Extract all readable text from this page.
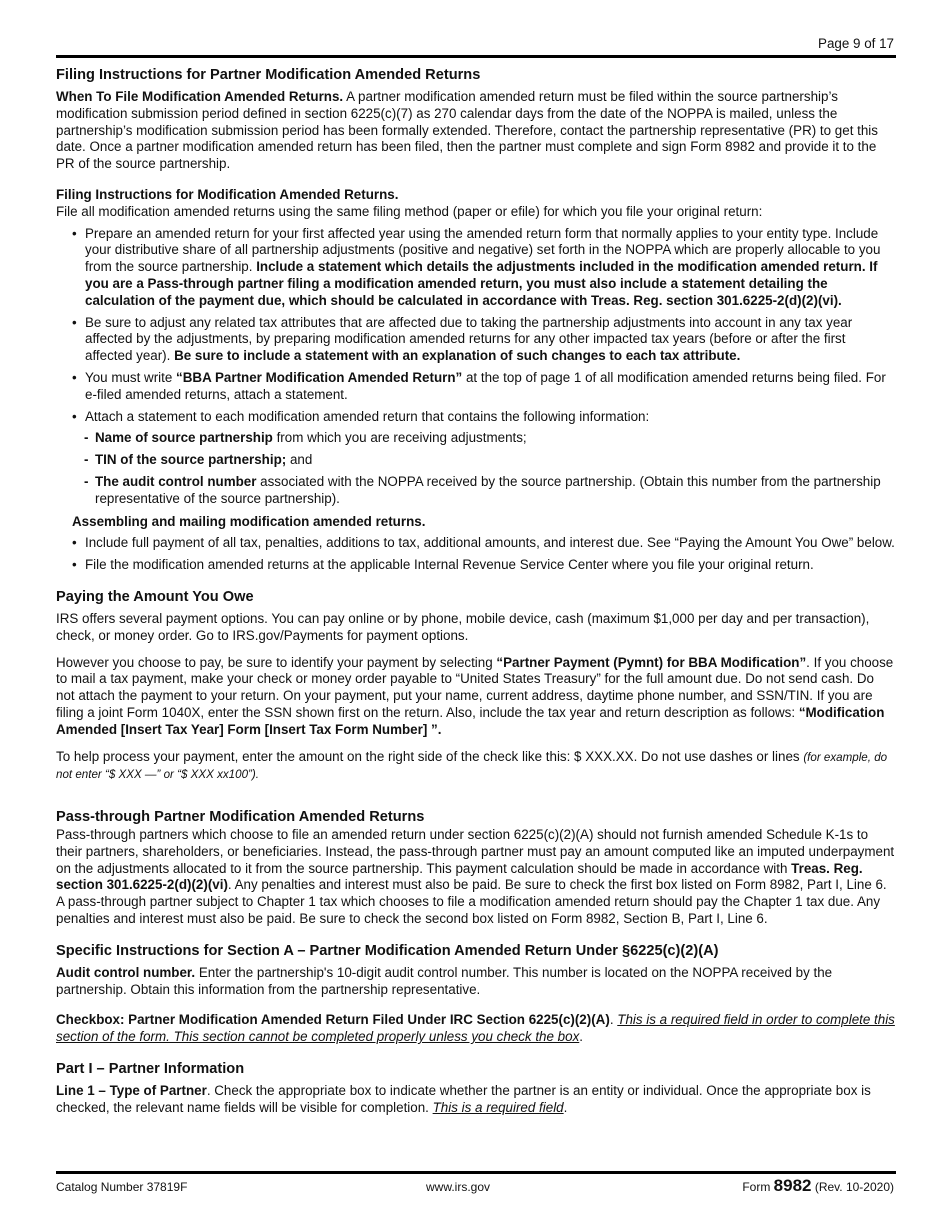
Page 9 of 17
Filing Instructions for Partner Modification Amended Returns

When To File Modification Amended Returns. A partner modification amended return must be filed within the source partnership’s modification submission period defined in section 6225(c)(7) as 270 calendar days from the date of the NOPPA is mailed, unless the partnership’s modification submission period has been formally extended. Therefore, contact the partnership representative (PR) to get this date. Once a partner modification amended return has been filed, then the partner must complete and sign Form 8982 and provide it to the PR of the source partnership.

Filing Instructions for Modification Amended Returns.

File all modification amended returns using the same filing method (paper or efile) for which you file your original return:

• Prepare an amended return for your first affected year using the amended return form that normally applies to your entity type. Include your distributive share of all partnership adjustments (positive and negative) set forth in the NOPPA which are properly allocable to you from the source partnership. Include a statement which details the adjustments included in the modification amended return. If you are a Pass-through partner filing a modification amended return, you must also include a statement detailing the calculation of the payment due, which should be calculated in accordance with Treas. Reg. section 301.6225-2(d)(2)(vi).
• Be sure to adjust any related tax attributes that are affected due to taking the partnership adjustments into account in any tax year affected by the adjustments, by preparing modification amended returns for any other impacted tax years (before or after the first affected year). Be sure to include a statement with an explanation of such changes to each tax attribute.
• You must write “BBA Partner Modification Amended Return” at the top of page 1 of all modification amended returns being filed. For e-filed amended returns, attach a statement.
• Attach a statement to each modification amended return that contains the following information:
- Name of source partnership from which you are receiving adjustments;
- TIN of the source partnership; and
- The audit control number associated with the NOPPA received by the source partnership. (Obtain this number from the partnership representative of the source partnership).
Assembling and mailing modification amended returns.
• Include full payment of all tax, penalties, additions to tax, additional amounts, and interest due. See “Paying the Amount You Owe” below.
• File the modification amended returns at the applicable Internal Revenue Service Center where you file your original return.
Paying the Amount You Owe

IRS offers several payment options. You can pay online or by phone, mobile device, cash (maximum $1,000 per day and per transaction), check, or money order. Go to IRS.gov/Payments for payment options.

However you choose to pay, be sure to identify your payment by selecting “Partner Payment (Pymnt) for BBA Modification”. If you choose to mail a tax payment, make your check or money order payable to “United States Treasury” for the full amount due. Do not send cash. Do not attach the payment to your return. On your payment, put your name, current address, daytime phone number, and SSN/TIN. If you are filing a joint Form 1040X, enter the SSN shown first on the return. Also, include the tax year and return description as follows: “Modification Amended [Insert Tax Year] Form [Insert Tax Form Number] ”.

To help process your payment, enter the amount on the right side of the check like this: $ XXX.XX. Do not use dashes or lines (for example, do not enter “$ XXX —” or “$ XXX xx100”).

Pass-through Partner Modification Amended Returns

Pass-through partners which choose to file an amended return under section 6225(c)(2)(A) should not furnish amended Schedule K-1s to their partners, shareholders, or beneficiaries. Instead, the pass-through partner must pay an amount computed like an imputed underpayment on the adjustments allocated to it from the source partnership. This payment calculation should be made in accordance with Treas. Reg. section 301.6225-2(d)(2)(vi). Any penalties and interest must also be paid. Be sure to check the first box listed on Form 8982, Part I, Line 6. A pass-through partner subject to Chapter 1 tax which chooses to file a modification amended return should pay the Chapter 1 tax due. Any penalties and interest must also be paid. Be sure to check the second box listed on Form 8982, Section B, Part I, Line 6.

Specific Instructions for Section A – Partner Modification Amended Return Under §6225(c)(2)(A)

Audit control number. Enter the partnership's 10-digit audit control number. This number is located on the NOPPA received by the partnership. Obtain this information from the partnership representative.

Checkbox: Partner Modification Amended Return Filed Under IRC Section 6225(c)(2)(A). This is a required field in order to complete this section of the form. This section cannot be completed properly unless you check the box.

Part I – Partner Information

Line 1 – Type of Partner. Check the appropriate box to indicate whether the partner is an entity or individual. Once the appropriate box is checked, the relevant name fields will be visible for completion. This is a required field.

Catalog Number 37819F	www.irs.gov	Form 8982 (Rev. 10-2020)
